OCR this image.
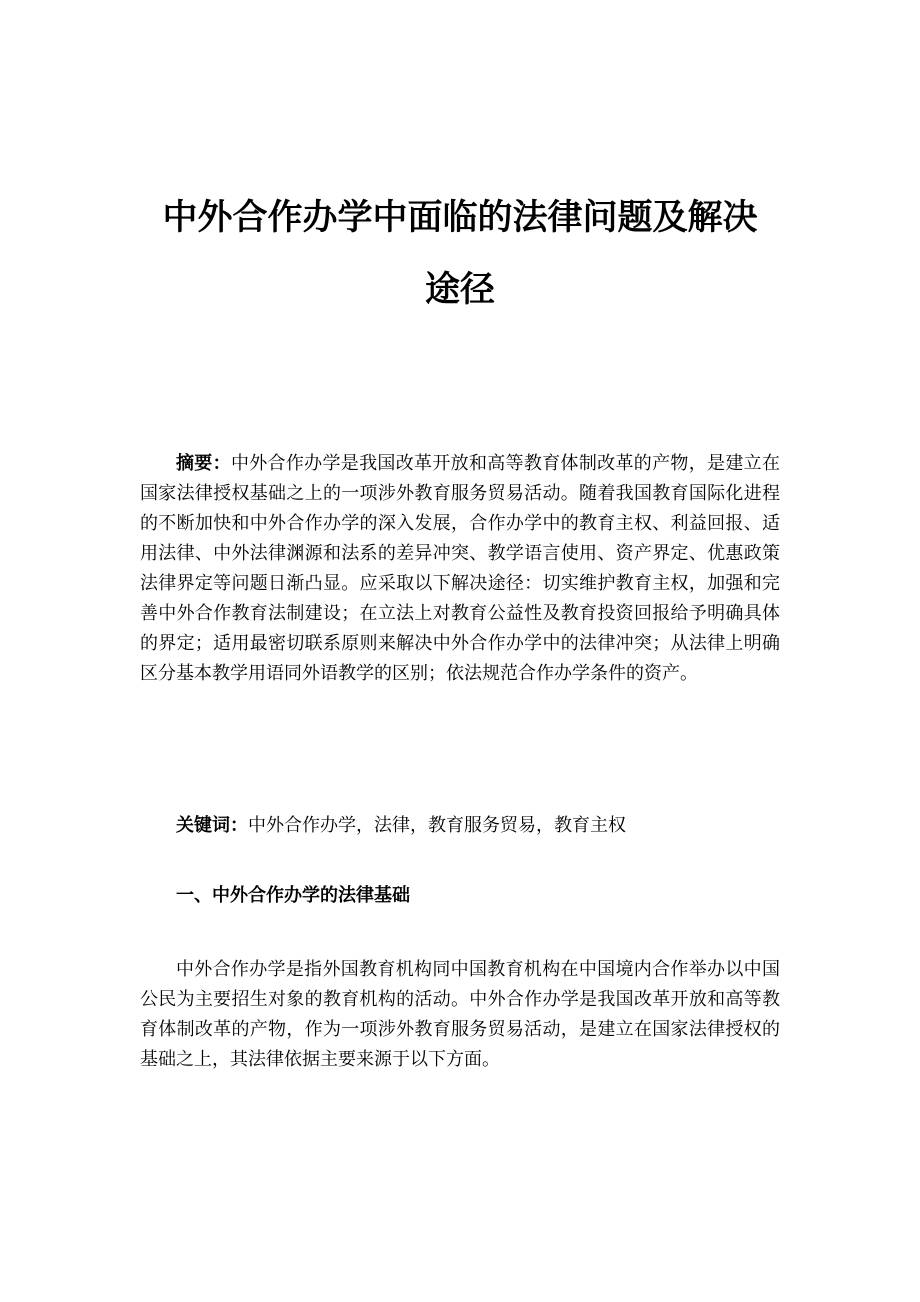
中外合作办学中面临的法律问题及解决
途径

摘要：中外合作办学是我国改革开放和高等教育体制改革的产物，是建立在国家法律授权基础之上的一项涉外教育服务贸易活动。随着我国教育国际化进程的不断加快和中外合作办学的深入发展，合作办学中的教育主权、利益回报、适用法律、中外法律渊源和法系的差异冲突、教学语言使用、资产界定、优惠政策法律界定等问题日渐凸显。应采取以下解决途径：切实维护教育主权，加强和完善中外合作教育法制建设；在立法上对教育公益性及教育投资回报给予明确具体的界定；适用最密切联系原则来解决中外合作办学中的法律冲突；从法律上明确区分基本教学用语同外语教学的区别；依法规范合作办学条件的资产。

关键词：中外合作办学，法律，教育服务贸易，教育主权

一、中外合作办学的法律基础

中外合作办学是指外国教育机构同中国教育机构在中国境内合作举办以中国公民为主要招生对象的教育机构的活动。中外合作办学是我国改革开放和高等教育体制改革的产物，作为一项涉外教育服务贸易活动，是建立在国家法律授权的基础之上，其法律依据主要来源于以下方面。
